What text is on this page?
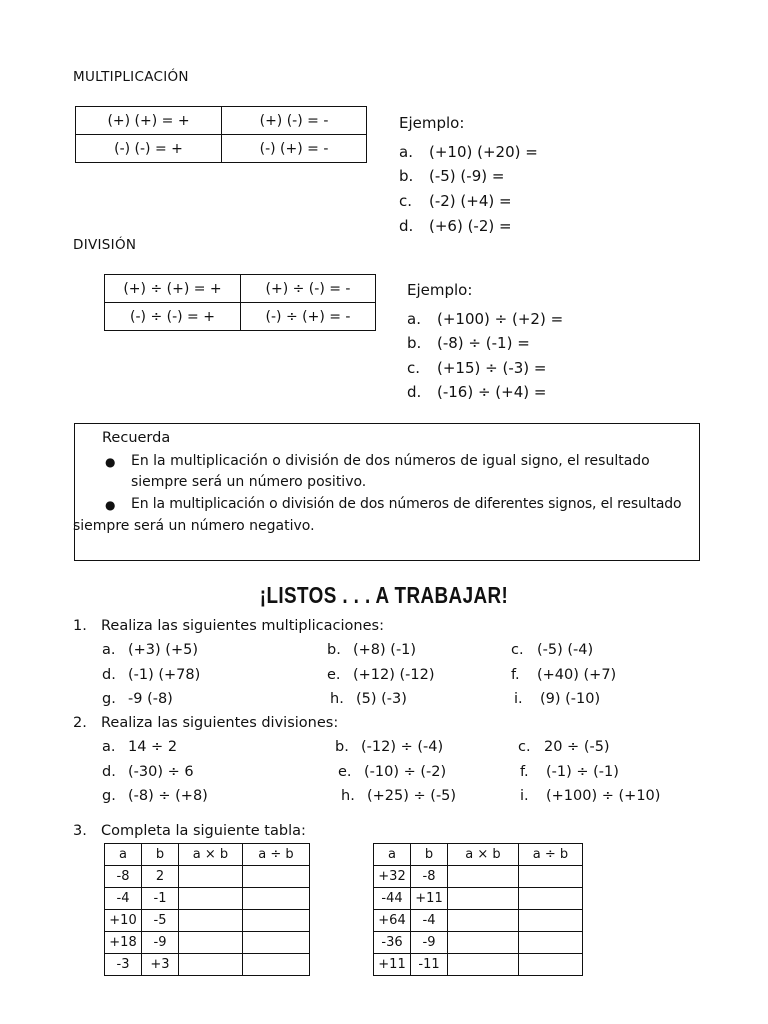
MULTIPLICACIÓN
(+) (+) = +	(+) (-) = -
(-) (-) = +	(-) (+) = -
Ejemplo:
a. (+10) (+20) =
b. (-5) (-9) =
c. (-2) (+4) =
d. (+6) (-2) =
DIVISIÓN
(+) ÷ (+) = +	(+) ÷ (-) = -
(-) ÷ (-) = +	(-) ÷ (+) = -
Ejemplo:
a. (+100) ÷ (+2) =
b. (-8) ÷ (-1) =
c. (+15) ÷ (-3) =
d. (-16) ÷ (+4) =
Recuerda
● En la multiplicación o división de dos números de igual signo, el resultado
siempre será un número positivo.
● En la multiplicación o división de dos números de diferentes signos, el resultado
siempre será un número negativo.
¡LISTOS . . . A TRABAJAR!
1. Realiza las siguientes multiplicaciones:
a. (+3) (+5)	b. (+8) (-1)	c. (-5) (-4)
d. (-1) (+78)	e. (+12) (-12)	f. (+40) (+7)
g. -9 (-8)	h. (5) (-3)	i. (9) (-10)
2. Realiza las siguientes divisiones:
a. 14 ÷ 2	b. (-12) ÷ (-4)	c. 20 ÷ (-5)
d. (-30) ÷ 6	e. (-10) ÷ (-2)	f. (-1) ÷ (-1)
g. (-8) ÷ (+8)	h. (+25) ÷ (-5)	i. (+100) ÷ (+10)
3. Completa la siguiente tabla:
a	b	a × b	a ÷ b
-8	2		
-4	-1		
+10	-5		
+18	-9		
-3	+3		
a	b	a × b	a ÷ b
+32	-8		
-44	+11		
+64	-4		
-36	-9		
+11	-11		
